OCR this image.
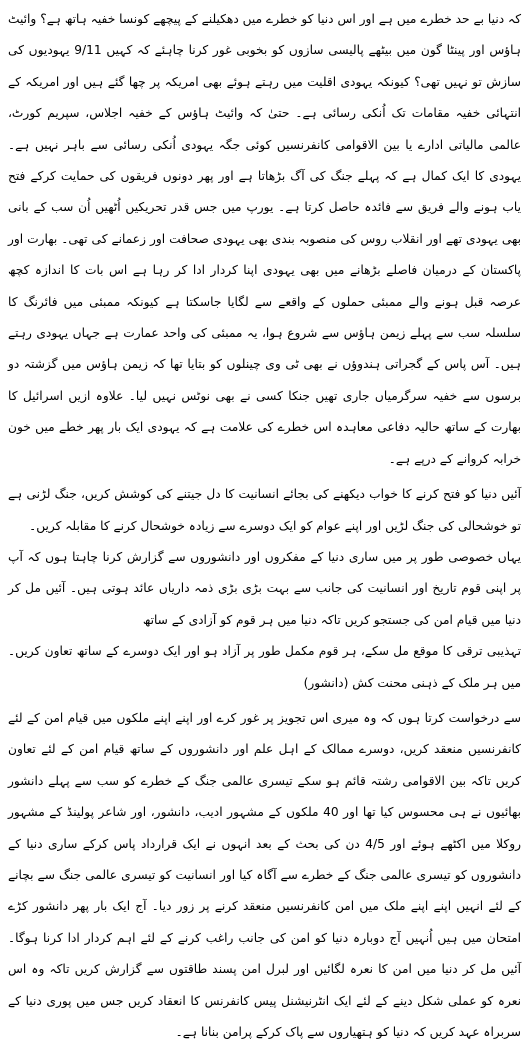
کہ دنیا بے حد خطرے میں ہے اور اس دنیا کو خطرے میں دھکیلنے کے پیچھے کونسا خفیہ ہاتھ ہے؟ وائیٹ ہاؤس اور پینٹا گون میں بیٹھے پالیسی سازوں کو بخوبی غور کرنا چاہئے کہ کہیں 9/11 یہودیوں کی سازش تو نہیں تھی؟ کیونکہ یہودی اقلیت میں رہتے ہوئے بھی امریکہ پر چھا گئے ہیں اور امریکہ کے انتہائی خفیہ مقامات تک اُنکی رسائی ہے۔ حتیٰ کہ وائیٹ ہاؤس کے خفیہ اجلاس، سپریم کورٹ، عالمی مالیاتی ادارے یا بین الاقوامی کانفرنسیں کوئی جگہ یہودی اُنکی رسائی سے باہر نہیں ہے۔ یہودی کا ایک کمال ہے کہ پہلے جنگ کی آگ بڑھاتا ہے اور پھر دونوں فریقوں کی حمایت کرکے فتح یاب ہونے والے فریق سے فائدہ حاصل کرتا ہے۔ یورپ میں جس قدر تحریکیں اُٹھیں اُن سب کے بانی بھی یہودی تھے اور انقلاب روس کی منصوبہ بندی بھی یہودی صحافت اور زعمانے کی تھی۔ بھارت اور پاکستان کے درمیان فاصلے بڑھانے میں بھی یہودی اپنا کردار ادا کر رہا ہے اس بات کا اندازہ کچھ عرصہ قبل ہونے والے ممبئی حملوں کے واقعے سے لگایا جاسکتا ہے کیونکہ ممبئی میں فائرنگ کا سلسلہ سب سے پہلے زیمن ہاؤس سے شروع ہوا، یہ ممبئی کی واحد عمارت ہے جہاں یہودی رہتے ہیں۔ آس پاس کے گجراتی ہندوؤں نے بھی ٹی وی چینلوں کو بتایا تھا کہ زیمن ہاؤس میں گزشتہ دو برسوں سے خفیہ سرگرمیاں جاری تھیں جنکا کسی نے بھی نوٹس نہیں لیا۔ علاوہ ازیں اسرائیل کا بھارت کے ساتھ حالیہ دفاعی معاہدہ اس خطرے کی علامت ہے کہ یہودی ایک بار پھر خطے میں خون خرابہ کروانے کے درپے ہے۔

آئیں دنیا کو فتح کرنے کا خواب دیکھنے کی بجائے انسانیت کا دل جیتنے کی کوشش کریں، جنگ لڑنی ہے تو خوشحالی کی جنگ لڑیں اور اپنے عوام کو ایک دوسرے سے زیادہ خوشحال کرنے کا مقابلہ کریں۔

یہاں خصوصی طور پر میں ساری دنیا کے مفکروں اور دانشوروں سے گزارش کرنا چاہتا ہوں کہ آپ پر اپنی قوم تاریخ اور انسانیت کی جانب سے بہت بڑی بڑی ذمہ داریاں عائد ہوتی ہیں۔ آئیں مل کر دنیا میں قیام امن کی جستجو کریں تاکہ دنیا میں ہر قوم کو آزادی کے ساتھ

تہذیبی ترقی کا موقع مل سکے، ہر قوم مکمل طور پر آزاد ہو اور ایک دوسرے کے ساتھ تعاون کریں۔ میں ہر ملک کے ذہنی محنت کش (دانشور)

سے درخواست کرتا ہوں کہ وہ میری اس تجویز پر غور کرے اور اپنے اپنے ملکوں میں قیام امن کے لئے کانفرنسیں منعقد کریں، دوسرے ممالک کے اہل علم اور دانشوروں کے ساتھ قیام امن کے لئے تعاون کریں تاکہ بین الاقوامی رشتہ قائم ہو سکے تیسری عالمی جنگ کے خطرے کو سب سے پہلے دانشور بھائیوں نے ہی محسوس کیا تھا اور 40 ملکوں کے مشہور ادیب، دانشور، اور شاعر پولینڈ کے مشہور روکلا میں اکٹھے ہوئے اور 4/5 دن کی بحث کے بعد انہوں نے ایک قرارداد پاس کرکے ساری دنیا کے دانشوروں کو تیسری عالمی جنگ کے خطرے سے آگاہ کیا اور انسانیت کو تیسری عالمی جنگ سے بچانے کے لئے انہیں اپنے اپنے ملک میں امن کانفرنسیں منعقد کرنے پر زور دیا۔ آج ایک بار پھر دانشور کڑے امتحان میں ہیں اُنہیں آج دوبارہ دنیا کو امن کی جانب راغب کرنے کے لئے اہم کردار ادا کرنا ہوگا۔ آئیں مل کر دنیا میں امن کا نعرہ لگائیں اور لبرل امن پسند طاقتوں سے گزارش کریں تاکہ وہ اس نعرہ کو عملی شکل دینے کے لئے ایک انٹرنیشنل پیس کانفرنس کا انعقاد کریں جس میں پوری دنیا کے سربراہ عہد کریں کہ دنیا کو ہتھیاروں سے پاک کرکے پرامن بنانا ہے۔
